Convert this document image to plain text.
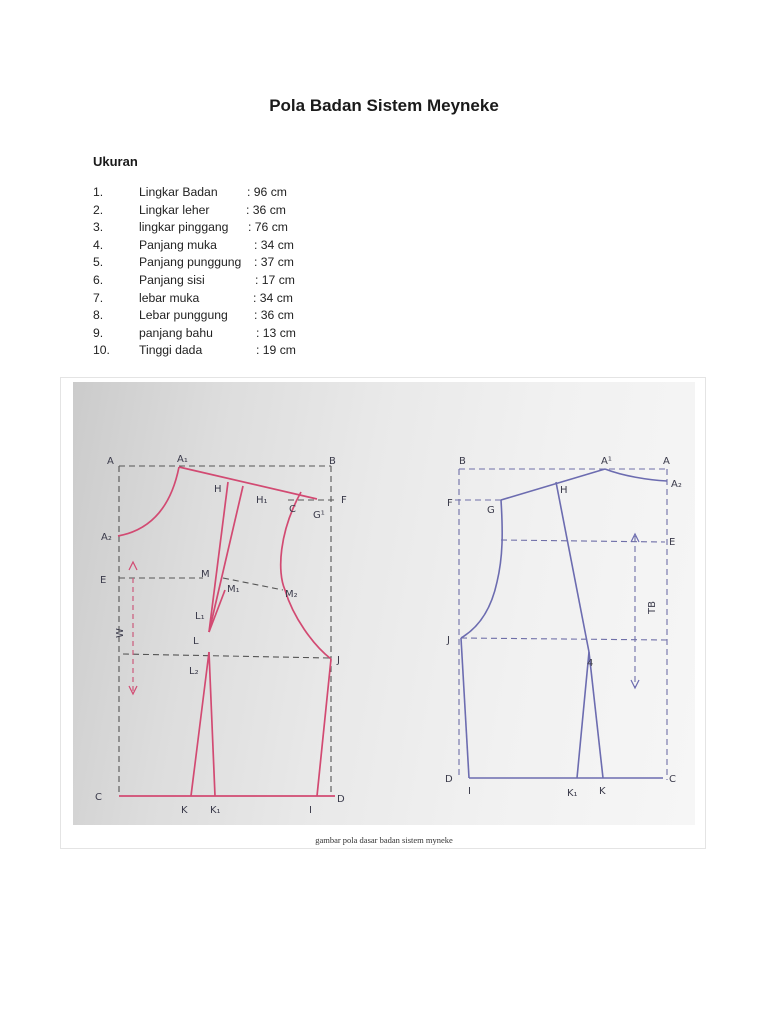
Pola Badan Sistem Meyneke
Ukuran
1.	Lingkar Badan : 96 cm
2.	Lingkar leher	: 36 cm
3.	lingkar pinggang : 76 cm
4.	Panjang muka	: 34 cm
5.	Panjang punggung : 37 cm
6.	Panjang sisi	: 17 cm
7.	lebar muka	: 34 cm
8.	Lebar punggung : 36 cm
9.	panjang bahu	: 13 cm
10. Tinggi dada	: 19 cm
A	A₁	B
A₂
H
H₁
C
G¹
F
E
M
M₁	M₂
L₁
L
L₂
J
W
C
K K₁	I
D
B	A¹	A
A₂
F
G
H
E
TB
J
4
D
I	K₁ K
C
gambar pola dasar badan sistem myneke
